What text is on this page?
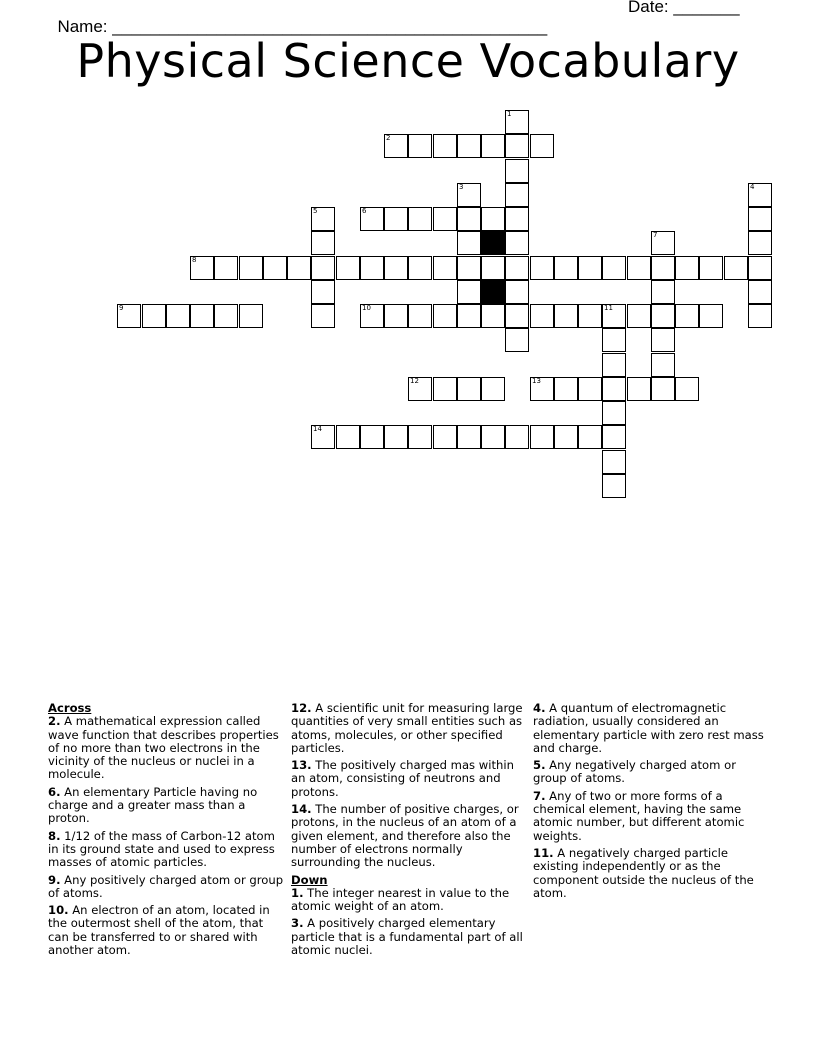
Name: ______________________________________________

Date: _______

Physical Science Vocabulary
1
2
3	4
5	6
7
8
9	10	11
12	13
14
Across
2. A mathematical expression called wave function that describes properties of no more than two electrons in the vicinity of the nucleus or nuclei in a molecule.
6. An elementary Particle having no charge and a greater mass than a proton.
8. 1/12 of the mass of Carbon-12 atom in its ground state and used to express masses of atomic particles.
9. Any positively charged atom or group of atoms.
10. An electron of an atom, located in the outermost shell of the atom, that can be transferred to or shared with another atom.
12. A scientific unit for measuring large quantities of very small entities such as atoms, molecules, or other specified particles.
13. The positively charged mas within an atom, consisting of neutrons and protons.
14. The number of positive charges, or protons, in the nucleus of an atom of a given element, and therefore also the number of electrons normally surrounding the nucleus.
Down
1. The integer nearest in value to the atomic weight of an atom.
3. A positively charged elementary particle that is a fundamental part of all atomic nuclei.
4. A quantum of electromagnetic radiation, usually considered an elementary particle with zero rest mass and charge.
5. Any negatively charged atom or group of atoms.
7. Any of two or more forms of a chemical element, having the same atomic number, but different atomic weights.
11. A negatively charged particle existing independently or as the component outside the nucleus of the atom.
